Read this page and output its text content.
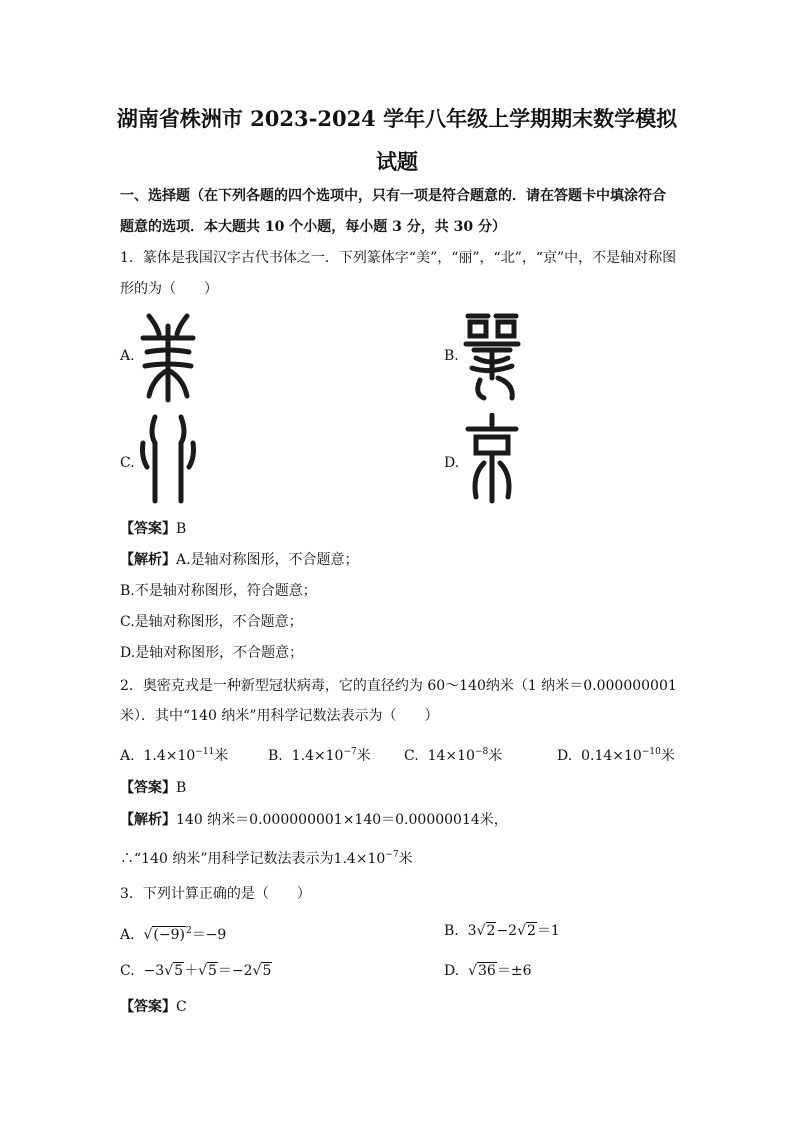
湖南省株洲市 2023-2024 学年八年级上学期期末数学模拟
试题
一、选择题（在下列各题的四个选项中，只有一项是符合题意的．请在答题卡中填涂符合
题意的选项．本大题共 10 个小题，每小题 3 分，共 30 分）
1．篆体是我国汉字古代书体之一．下列篆体字“美”，“丽”，“北”，“京”中，不是轴对称图
形的为（　　）
A.	B.
C.	D.
【答案】B
【解析】A.是轴对称图形，不合题意；
B.不是轴对称图形，符合题意；
C.是轴对称图形，不合题意；
D.是轴对称图形，不合题意；
2．奥密克戎是一种新型冠状病毒，它的直径约为 60～140纳米（1 纳米＝0.000000001
米）．其中“140 纳米”用科学记数法表示为（　　）
A. $1.4\times 10^{-11}$米	B. $1.4\times 10^{-7}$米 C. $14\times 10^{-8}$米	D. $0.14\times 10^{-10}$米
【答案】B
【解析】140 纳米＝0.000000001×140＝0.00000014米，
∴“140 纳米”用科学记数法表示为$1.4\times 10^{-7}$米
3．下列计算正确的是（　　）
A. $√(-9)^2=-9$	B. 3√2−2√2＝1
C. −3√5＋√5＝−2√5	D. √36＝±6
【答案】C
